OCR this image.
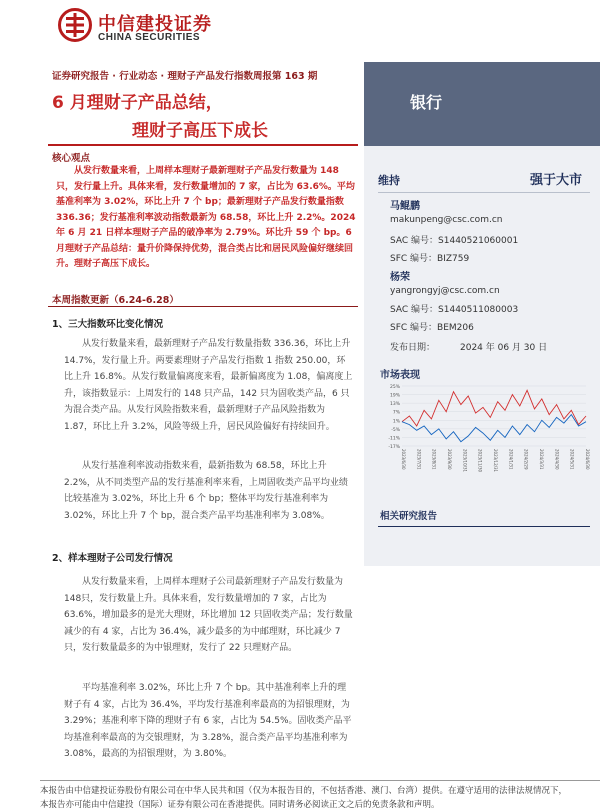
中信建投证券
CHINA SECURITIES
证券研究报告 · 行业动态 · 理财子产品发行指数周报第 163 期
6 月理财子产品总结，
理财子高压下成长
银行
维持	强于大市
马鲲鹏
makunpeng@csc.com.cn
SAC 编号：S1440521060001
SFC 编号：BIZ759
杨荣
yangrongyj@csc.com.cn
SAC 编号：S1440511080003
SFC 编号：BEM206
发布日期：	2024 年 06 月 30 日
市场表现
25%
19%
13%
7%
1%
-5%
-11%
-17%
2023/6/30	2023/7/31	2023/8/31	2023/9/30	2023/10/31	2023/11/30	2023/12/31	2024/1/31	2024/2/29	2024/3/31	2024/4/30	2024/5/31	2024/6/30
相关研究报告
核心观点

从发行数量来看，上周样本理财子最新理财子产品发行数量为 148 只，发行量上升。具体来看，发行数量增加的 7 家，占比为 63.6%。平均基准利率为 3.02%，环比上升 7 个 bp；最新理财子产品发行数量指数 336.36；发行基准利率波动指数最新为 68.58，环比上升 2.2%。2024 年 6 月 21 日样本理财子产品的破净率为 2.79%。环比升 59 个 bp。6 月理财子产品总结：量升价降保持优势，混合类占比和居民风险偏好继续回升。理财子高压下成长。

本周指数更新（6.24-6.28）
1、三大指数环比变化情况

从发行数量来看，最新理财子产品发行数量指数 336.36，环比上升 14.7%，发行量上升。两要素理财子产品发行指数 1 指数 250.00，环比上升 16.8%。从发行数量偏离度来看，最新偏离度为 1.08，偏离度上升，该指数显示：上周发行的 148 只产品，142 只为固收类产品，6 只为混合类产品。从发行风险指数来看，最新理财子产品风险指数为 1.87，环比上升 3.2%，风险等级上升，居民风险偏好有持续回升。

从发行基准利率波动指数来看，最新指数为 68.58，环比上升 2.2%，从不同类型产品的发行基准利率来看，上周固收类产品平均业绩比较基准为 3.02%，环比上升 6 个 bp；整体平均发行基准利率为 3.02%，环比上升 7 个 bp，混合类产品平均基准利率为 3.08%。

2、样本理财子公司发行情况

从发行数量来看，上周样本理财子公司最新理财子产品发行数量为148只，发行数量上升。具体来看，发行数量增加的 7 家，占比为 63.6%，增加最多的是光大理财，环比增加 12 只固收类产品；发行数量减少的有 4 家，占比为 36.4%，减少最多的为中邮理财，环比减少 7 只，发行数量最多的为中银理财，发行了 22 只理财产品。

平均基准利率 3.02%，环比上升 7 个 bp。其中基准利率上升的理财子有 4 家，占比为 36.4%，平均发行基准利率最高的为招银理财，为 3.29%；基准利率下降的理财子有 6 家，占比为 54.5%。固收类产品平均基准利率最高的为交银理财，为 3.28%，混合类产品平均基准利率为 3.08%，最高的为招银理财，为 3.80%。

本报告由中信建投证券股份有限公司在中华人民共和国（仅为本报告目的，不包括香港、澳门、台湾）提供。在遵守适用的法律法规情况下，
本报告亦可能由中信建投（国际）证券有限公司在香港提供。同时请务必阅读正文之后的免责条款和声明。
